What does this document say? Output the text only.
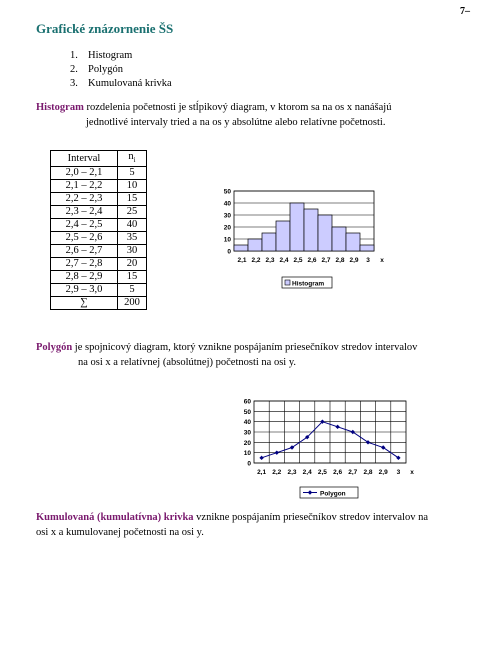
7–
Grafické znázornenie ŠS
1. Histogram
2. Polygón
3. Kumulovaná krivka
Histogram rozdelenia početnosti je stĺpikový diagram, v ktorom sa na os x nanášajú
jednotlivé intervaly tried a na os y absolútne alebo relatívne početnosti.
Interval	$n_i$
2,0 – 2,1	5
2,1 – 2,2	10
2,2 – 2,3	15
2,3 – 2,4	25
2,4 – 2,5	40
2,5 – 2,6	35
2,6 – 2,7	30
2,7 – 2,8	20
2,8 – 2,9	15
2,9 – 3,0	5
∑	200
0
10
20
30
40
50
2,1 2,2 2,3 2,4 2,5 2,6 2,7 2,8 2,9 3 x
Histogram
Polygón je spojnicový diagram, ktorý vznikne pospájaním priesečníkov stredov intervalov
na osi x a relatívnej (absolútnej) početnosti na osi y.
0
10
20
30
40
50
60
2,1 2,2 2,3 2,4 2,5 2,6 2,7 2,8 2,9 3 x
Polygon
Kumulovaná (kumulatívna) krivka vznikne pospájaním priesečníkov stredov intervalov na
osi x a kumulovanej početnosti na osi y.
